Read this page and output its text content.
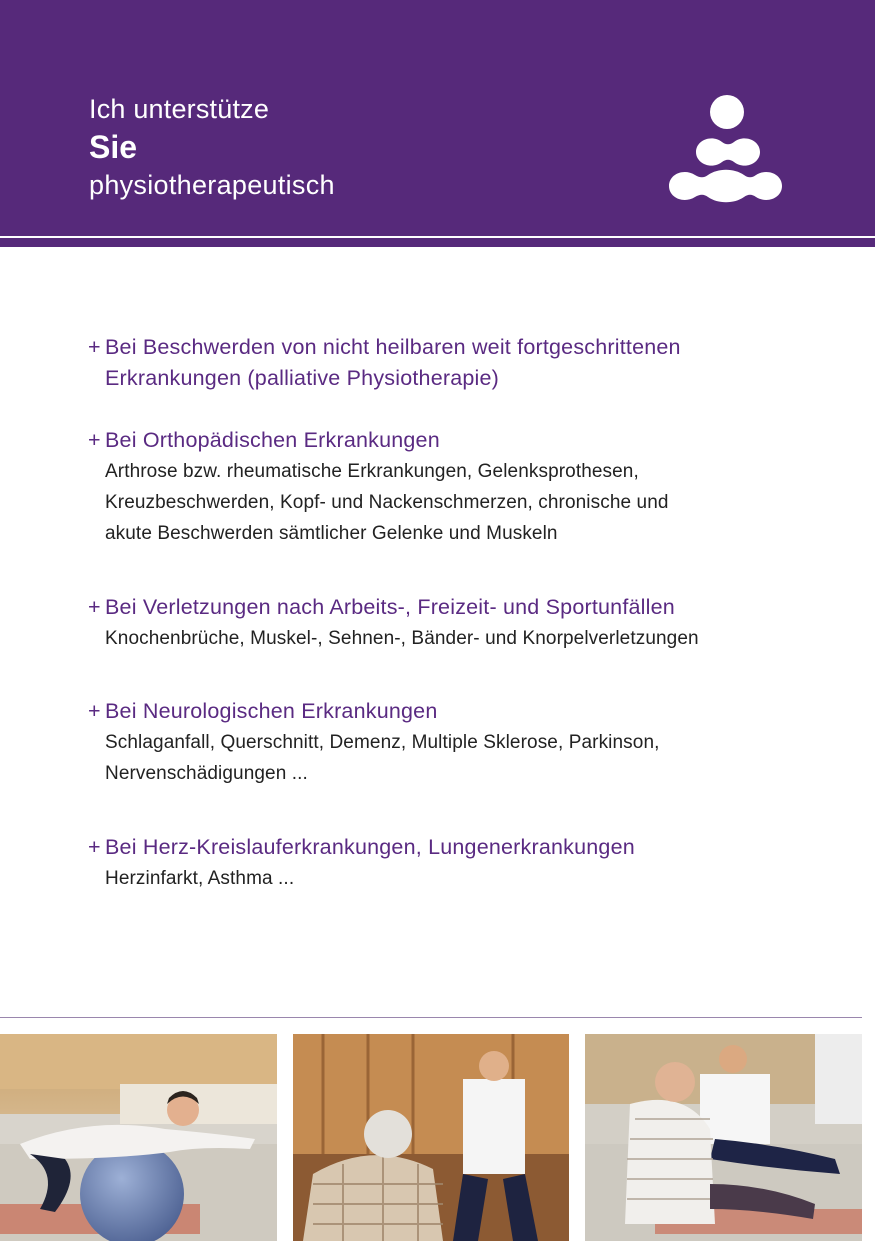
Ich unterstütze
Sie
physiotherapeutisch

+ Bei Beschwerden von nicht heilbaren weit fortgeschrittenen
Erkrankungen (palliative Physiotherapie)

+ Bei Orthopädischen Erkrankungen

Arthrose bzw. rheumatische Erkrankungen, Gelenksprothesen,
Kreuzbeschwerden, Kopf- und Nackenschmerzen, chronische und
akute Beschwerden sämtlicher Gelenke und Muskeln

+ Bei Verletzungen nach Arbeits-, Freizeit- und Sportunfällen

Knochenbrüche, Muskel-, Sehnen-, Bänder- und Knorpelverletzungen

+ Bei Neurologischen Erkrankungen

Schlaganfall, Querschnitt, Demenz, Multiple Sklerose, Parkinson,
Nervenschädigungen ...

+ Bei Herz-Kreislauferkrankungen, Lungenerkrankungen

Herzinfarkt, Asthma ...
